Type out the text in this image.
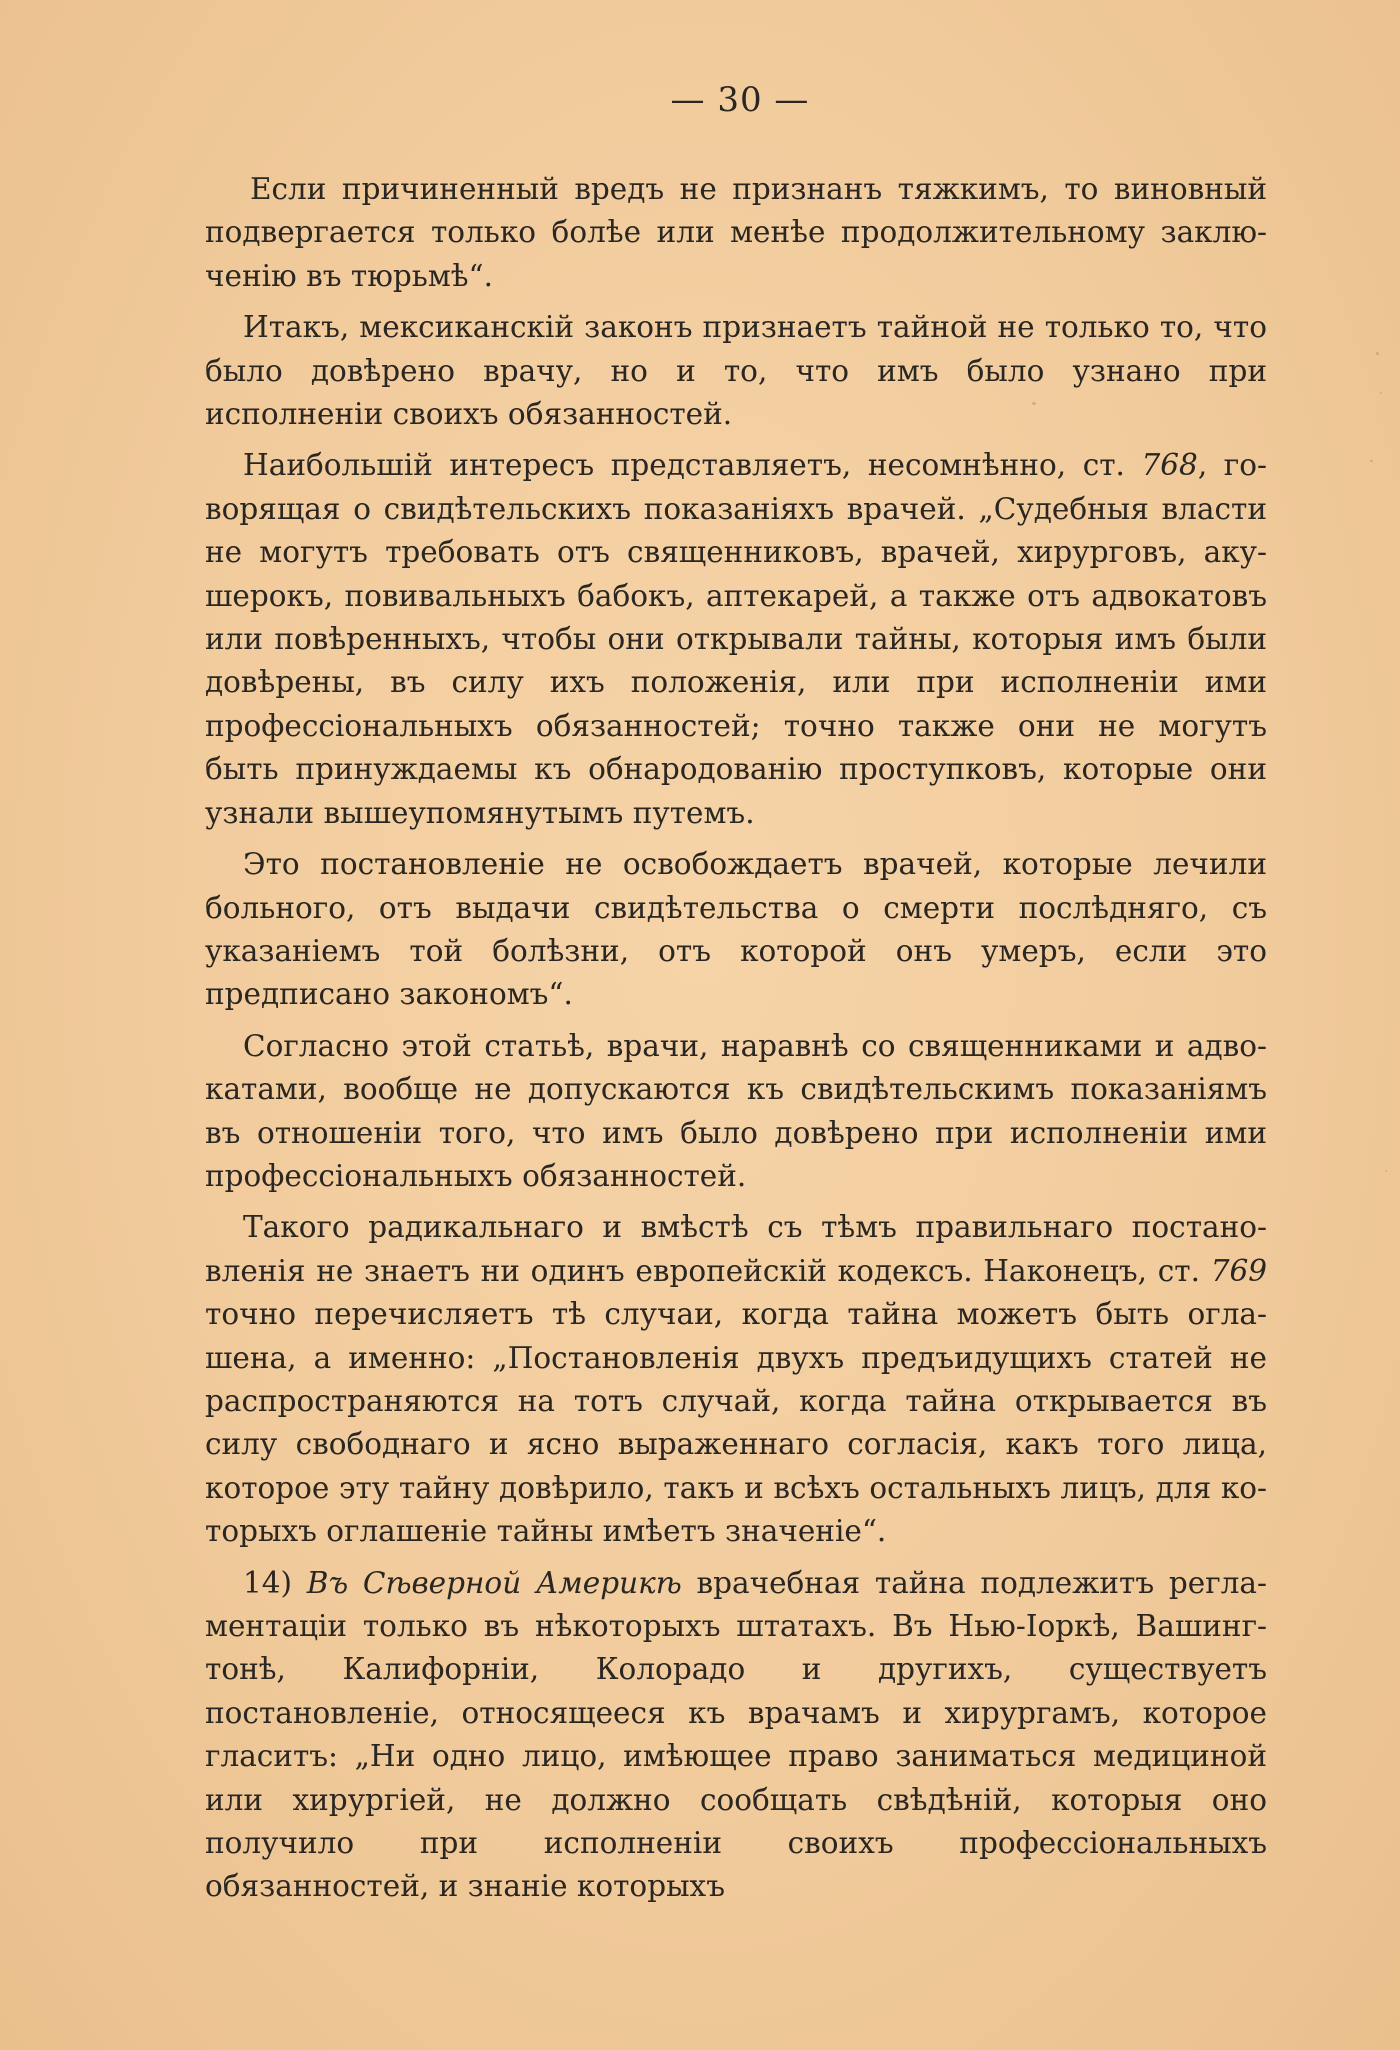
— 30 —

Если причиненный вредъ не признанъ тяжкимъ, то виновный подвергается только болѣе или менѣе продолжительному заключенію въ тюрьмѣ“.

Итакъ, мексиканскій законъ признаетъ тайной не только то, что было довѣрено врачу, но и то, что имъ было узнано при исполненіи своихъ обязанностей.

Наибольшій интересъ представляетъ, несомнѣнно, ст. 768, говорящая о свидѣтельскихъ показаніяхъ врачей. „Судебныя власти не могутъ требовать отъ священниковъ, врачей, хирурговъ, акушерокъ, повивальныхъ бабокъ, аптекарей, а также отъ адвокатовъ или повѣренныхъ, чтобы они открывали тайны, которыя имъ были довѣрены, въ силу ихъ положенія, или при исполненіи ими профессіональныхъ обязанностей; точно также они не могутъ быть принуждаемы къ обнародованію проступковъ, которые они узнали вышеупомянутымъ путемъ.

Это постановленіе не освобождаетъ врачей, которые лечили больного, отъ выдачи свидѣтельства о смерти послѣдняго, съ указаніемъ той болѣзни, отъ которой онъ умеръ, если это предписано закономъ“.

Согласно этой статьѣ, врачи, наравнѣ со священниками и адвокатами, вообще не допускаются къ свидѣтельскимъ показаніямъ въ отношеніи того, что имъ было довѣрено при исполненіи ими профессіональныхъ обязанностей.

Такого радикальнаго и вмѣстѣ съ тѣмъ правильнаго постановленія не знаетъ ни одинъ европейскій кодексъ. Наконецъ, ст. 769 точно перечисляетъ тѣ случаи, когда тайна можетъ быть оглашена, а именно: „Постановленія двухъ предъидущихъ статей не распространяются на тотъ случай, когда тайна открывается въ силу свободнаго и ясно выраженнаго согласія, какъ того лица, которое эту тайну довѣрило, такъ и всѣхъ остальныхъ лицъ, для которыхъ оглашеніе тайны имѣетъ значеніе“.

14) Въ Сѣверной Америкѣ врачебная тайна подлежитъ регламентаціи только въ нѣкоторыхъ штатахъ. Въ Нью-Іоркѣ, Вашингтонѣ, Калифорніи, Колорадо и другихъ, существуетъ постановленіе, относящееся къ врачамъ и хирургамъ, которое гласитъ: „Ни одно лицо, имѣющее право заниматься медициной или хирургіей, не должно сообщать свѣдѣній, которыя оно получило при исполненіи своихъ профессіональныхъ обязанностей, и знаніе которыхъ
